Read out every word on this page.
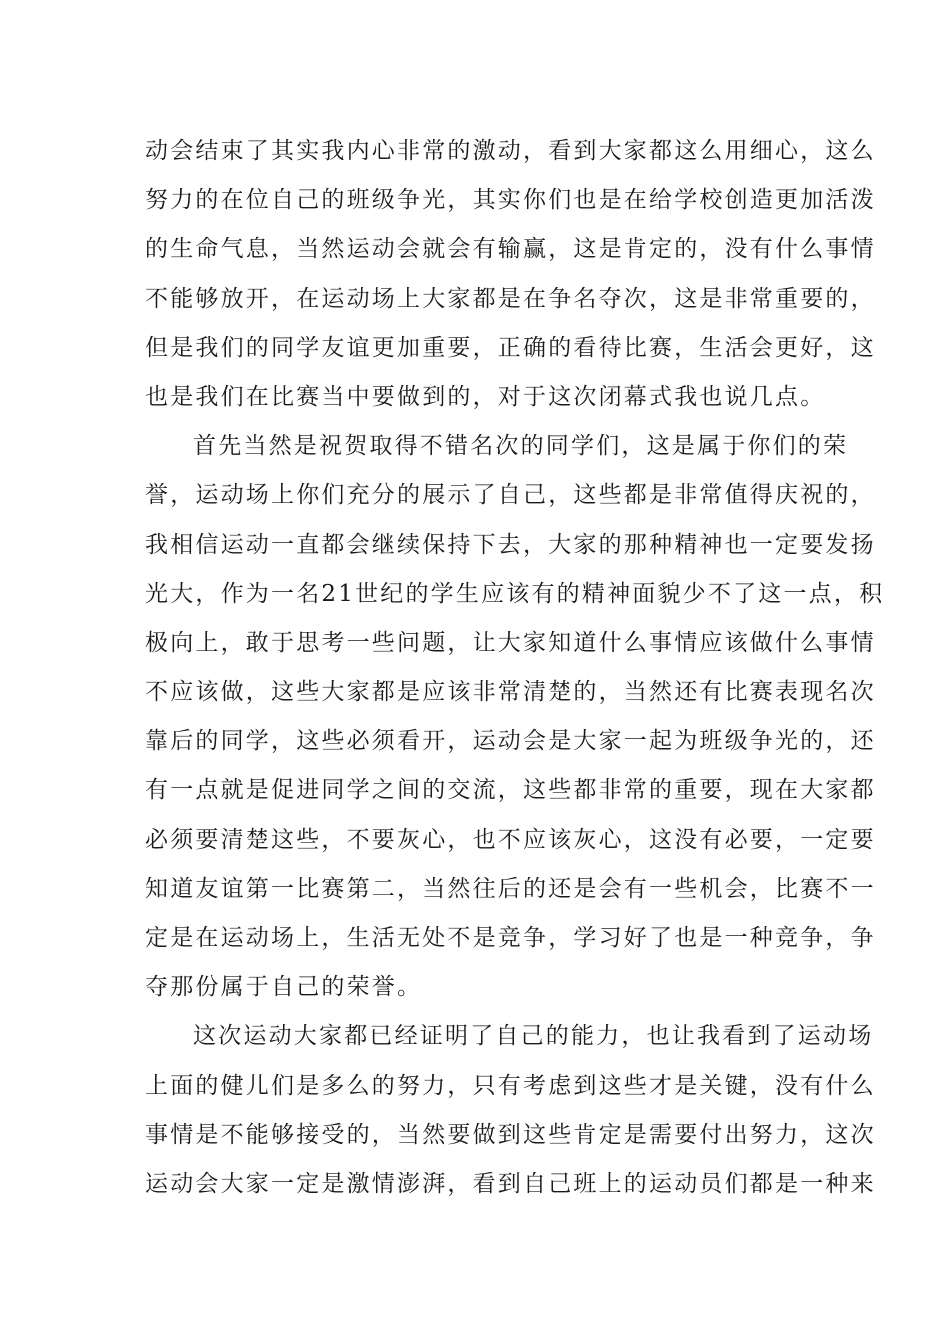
动会结束了其实我内心非常的激动，看到大家都这么用细心，这么
努力的在位自己的班级争光，其实你们也是在给学校创造更加活泼
的生命气息，当然运动会就会有输赢，这是肯定的，没有什么事情
不能够放开，在运动场上大家都是在争名夺次，这是非常重要的，
但是我们的同学友谊更加重要，正确的看待比赛，生活会更好，这
也是我们在比赛当中要做到的，对于这次闭幕式我也说几点。
首先当然是祝贺取得不错名次的同学们，这是属于你们的荣
誉，运动场上你们充分的展示了自己，这些都是非常值得庆祝的，
我相信运动一直都会继续保持下去，大家的那种精神也一定要发扬
光大，作为一名21世纪的学生应该有的精神面貌少不了这一点，积
极向上，敢于思考一些问题，让大家知道什么事情应该做什么事情
不应该做，这些大家都是应该非常清楚的，当然还有比赛表现名次
靠后的同学，这些必须看开，运动会是大家一起为班级争光的，还
有一点就是促进同学之间的交流，这些都非常的重要，现在大家都
必须要清楚这些，不要灰心，也不应该灰心，这没有必要，一定要
知道友谊第一比赛第二，当然往后的还是会有一些机会，比赛不一
定是在运动场上，生活无处不是竞争，学习好了也是一种竞争，争
夺那份属于自己的荣誉。
这次运动大家都已经证明了自己的能力，也让我看到了运动场
上面的健儿们是多么的努力，只有考虑到这些才是关键，没有什么
事情是不能够接受的，当然要做到这些肯定是需要付出努力，这次
运动会大家一定是激情澎湃，看到自己班上的运动员们都是一种来
